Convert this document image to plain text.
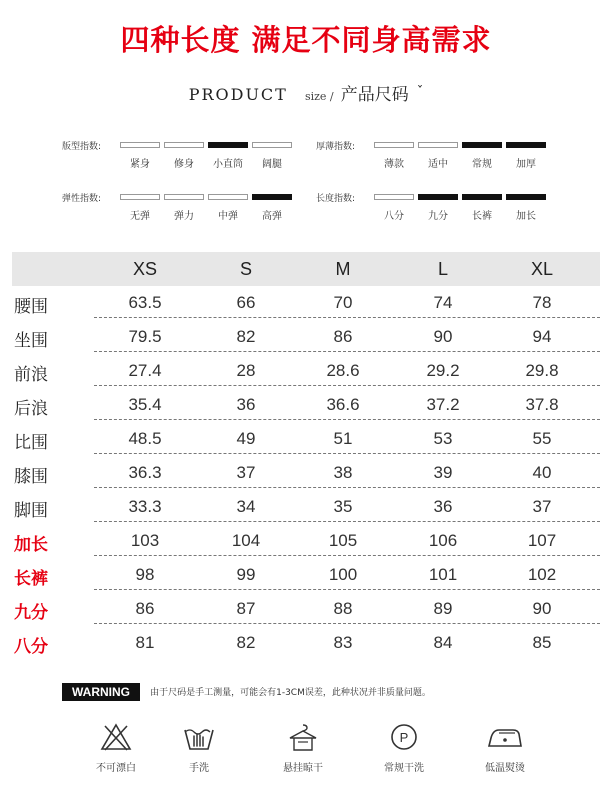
四种长度 满足不同身高需求
PRODUCT size / 产品尺码 $^ˇ$
版型指数:
紧身	修身	小直筒	阔腿
厚薄指数:
薄款	适中	常规	加厚
弹性指数:
无弹	弹力	中弹	高弹
长度指数:
八分	九分	长裤	加长
XS	S	M	L	XL
腰围	63.5	66	70	74	78
坐围	79.5	82	86	90	94
前浪	27.4	28	28.6	29.2	29.8
后浪	35.4	36	36.6	37.2	37.8
比围	48.5	49	51	53	55
膝围	36.3	37	38	39	40
脚围	33.3	34	35	36	37
加长	103	104	105	106	107
长裤	98	99	100	101	102
九分	86	87	88	89	90
八分	81	82	83	84	85
WARNING 由于尺码是手工测量，可能会有1-3CM误差，此种状况并非质量问题。
不可漂白	手洗	悬挂晾干
P
常规干洗	低温熨烫
